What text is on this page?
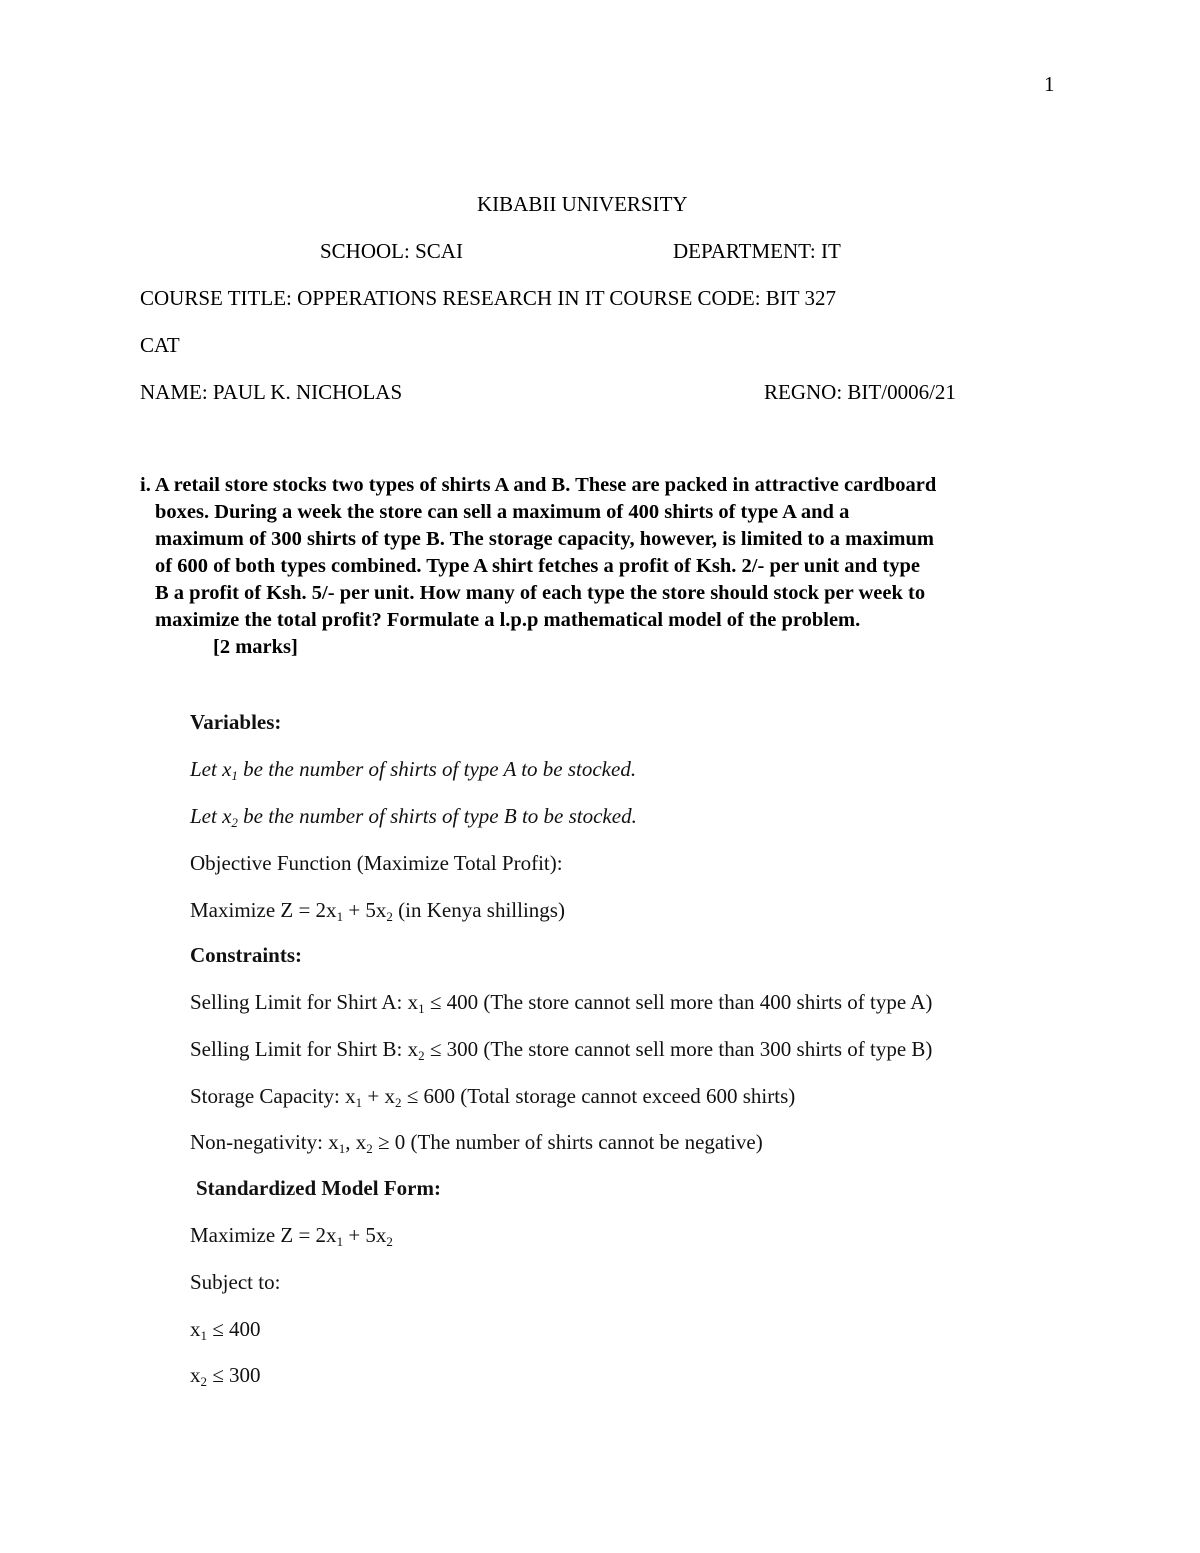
1
KIBABII UNIVERSITY
SCHOOL: SCAI	DEPARTMENT: IT
COURSE TITLE: OPPERATIONS RESEARCH IN IT COURSE CODE: BIT 327
CAT
NAME: PAUL K. NICHOLAS	REGNO: BIT/0006/21
i. A retail store stocks two types of shirts A and B. These are packed in attractive cardboard
boxes. During a week the store can sell a maximum of 400 shirts of type A and a
maximum of 300 shirts of type B. The storage capacity, however, is limited to a maximum
of 600 of both types combined. Type A shirt fetches a profit of Ksh. 2/- per unit and type
B a profit of Ksh. 5/- per unit. How many of each type the store should stock per week to
maximize the total profit? Formulate a l.p.p mathematical model of the problem.
[2 marks]
Variables:
Let $x_1$ be the number of shirts of type A to be stocked.
Let $x_2$ be the number of shirts of type B to be stocked.
Objective Function (Maximize Total Profit):
Maximize $Z = 2x_1 + 5x_2$ (in Kenya shillings)
Constraints:
Selling Limit for Shirt A: $x_1 \le 400$ (The store cannot sell more than 400 shirts of type A)
Selling Limit for Shirt B: $x_2 \le 300$ (The store cannot sell more than 300 shirts of type B)
Storage Capacity: $x_1 + x_2 \le 600$ (Total storage cannot exceed 600 shirts)
Non-negativity: $x_1$, $x_2 \ge 0$ (The number of shirts cannot be negative)
Standardized Model Form:
Maximize $Z = 2x_1 + 5x_2$
Subject to:
$x_1 \le 400$
$x_2 \le 300$
